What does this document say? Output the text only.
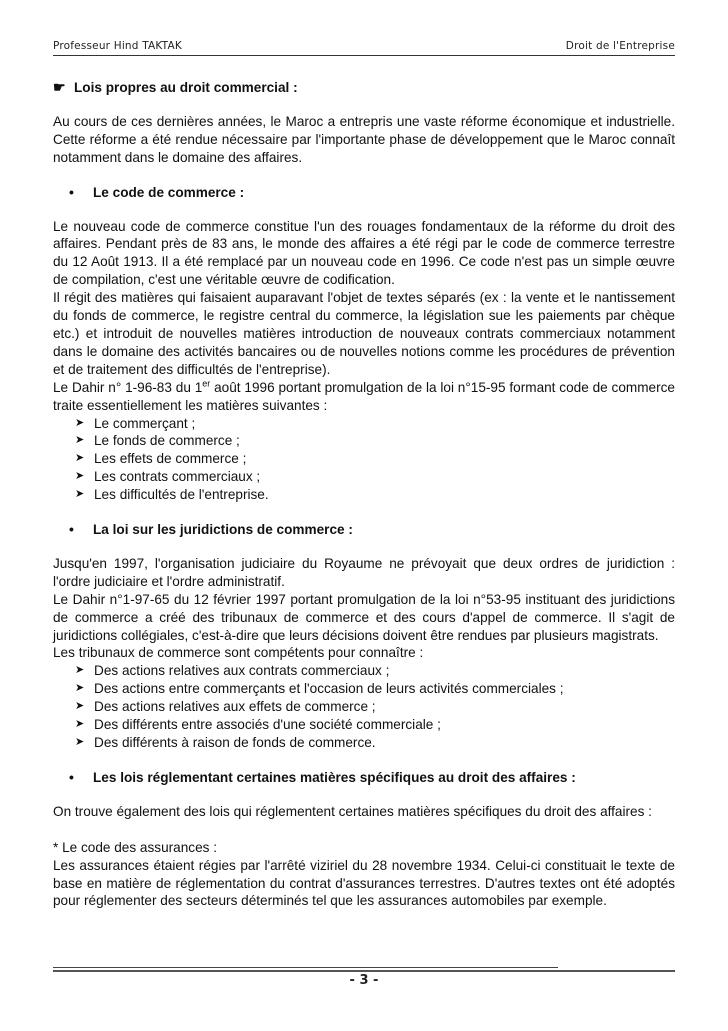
Professeur Hind TAKTAK	Droit de l'Entreprise
☛ Lois propres au droit commercial :

Au cours de ces dernières années, le Maroc a entrepris une vaste réforme économique et industrielle. Cette réforme a été rendue nécessaire par l'importante phase de développement que le Maroc connaît notamment dans le domaine des affaires.

•	Le code de commerce :

Le nouveau code de commerce constitue l'un des rouages fondamentaux de la réforme du droit des affaires. Pendant près de 83 ans, le monde des affaires a été régi par le code de commerce terrestre du 12 Août 1913. Il a été remplacé par un nouveau code en 1996. Ce code n'est pas un simple œuvre de compilation, c'est une véritable œuvre de codification.

Il régit des matières qui faisaient auparavant l'objet de textes séparés (ex : la vente et le nantissement du fonds de commerce, le registre central du commerce, la législation sue les paiements par chèque etc.) et introduit de nouvelles matières introduction de nouveaux contrats commerciaux notamment dans le domaine des activités bancaires ou de nouvelles notions comme les procédures de prévention et de traitement des difficultés de l'entreprise).

Le Dahir n° 1-96-83 du 1er août 1996 portant promulgation de la loi n°15-95 formant code de commerce traite essentiellement les matières suivantes :

➤ Le commerçant ;
➤ Le fonds de commerce ;
➤ Les effets de commerce ;
➤ Les contrats commerciaux ;
➤ Les difficultés de l'entreprise.
•	La loi sur les juridictions de commerce :

Jusqu'en 1997, l'organisation judiciaire du Royaume ne prévoyait que deux ordres de juridiction : l'ordre judiciaire et l'ordre administratif.

Le Dahir n°1-97-65 du 12 février 1997 portant promulgation de la loi n°53-95 instituant des juridictions de commerce a créé des tribunaux de commerce et des cours d'appel de commerce. Il s'agit de juridictions collégiales, c'est-à-dire que leurs décisions doivent être rendues par plusieurs magistrats.

Les tribunaux de commerce sont compétents pour connaître :

➤ Des actions relatives aux contrats commerciaux ;
➤ Des actions entre commerçants et l'occasion de leurs activités commerciales ;
➤ Des actions relatives aux effets de commerce ;
➤ Des différents entre associés d'une société commerciale ;
➤ Des différents à raison de fonds de commerce.
•	Les lois réglementant certaines matières spécifiques au droit des affaires :

On trouve également des lois qui réglementent certaines matières spécifiques du droit des affaires :

* Le code des assurances :

Les assurances étaient régies par l'arrêté viziriel du 28 novembre 1934. Celui-ci constituait le texte de base en matière de réglementation du contrat d'assurances terrestres. D'autres textes ont été adoptés pour réglementer des secteurs déterminés tel que les assurances automobiles par exemple.

- 3 -
